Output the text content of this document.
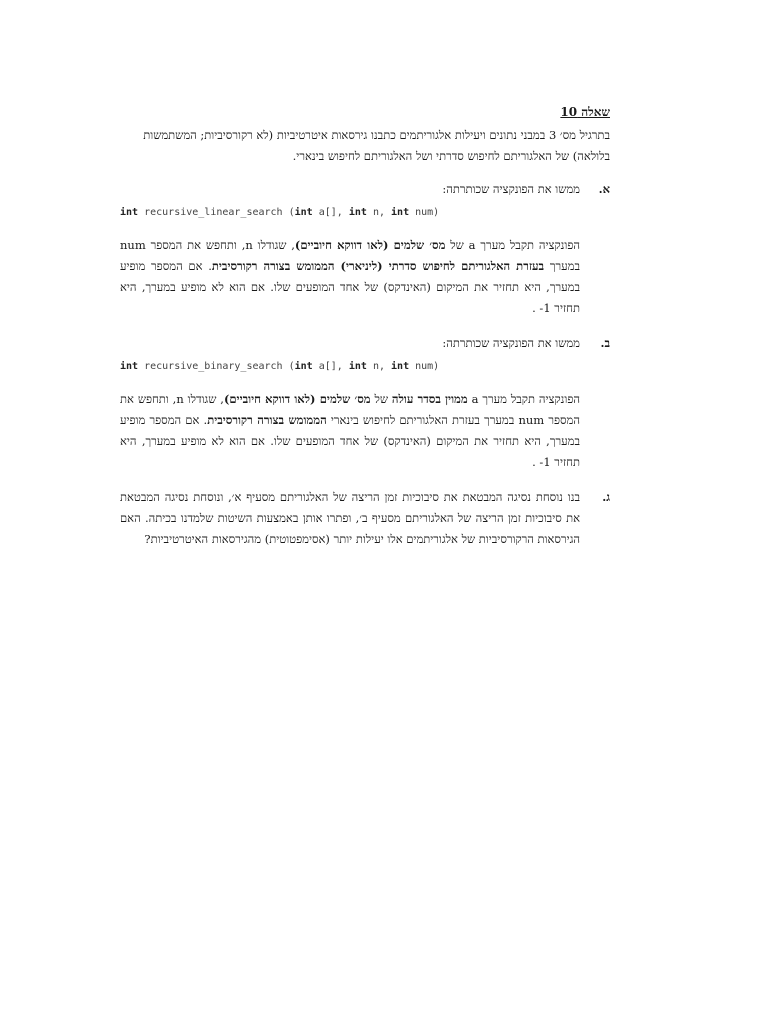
שאלה 10

בתרגיל מס׳ 3 במבני נתונים ויעילות אלגוריתמים כתבנו גירסאות איטרטיביות (לא רקורסיביות; המשתמשות בלולאה) של האלגוריתם לחיפוש סדרתי ושל האלגוריתם לחיפוש בינארי.

א.

ממשו את הפונקציה שכותרתה:

int recursive_linear_search (int a[], int n, int num)

הפונקציה תקבל מערך a של מס׳ שלמים (לאו דווקא חיוביים), שגודלו n, ותחפש את המספר num במערך בעזרת האלגוריתם לחיפוש סדרתי (ליניארי) הממומש בצורה רקורסיבית. אם המספר מופיע במערך, היא תחזיר את המיקום (האינדקס) של אחד המופעים שלו. אם הוא לא מופיע במערך, היא תחזיר 1- .

ב.

ממשו את הפונקציה שכותרתה:

int recursive_binary_search (int a[], int n, int num)

הפונקציה תקבל מערך a ממוין בסדר עולה של מס׳ שלמים (לאו דווקא חיוביים), שגודלו n, ותחפש את המספר num במערך בעזרת האלגוריתם לחיפוש בינארי הממומש בצורה רקורסיבית. אם המספר מופיע במערך, היא תחזיר את המיקום (האינדקס) של אחד המופעים שלו. אם הוא לא מופיע במערך, היא תחזיר 1- .

ג.

בנו נוסחת נסיגה המבטאת את סיבוכיות זמן הריצה של האלגוריתם מסעיף א׳, ונוסחת נסיגה המבטאת את סיבוכיות זמן הריצה של האלגוריתם מסעיף ב׳, ופתרו אותן באמצעות השיטות שלמדנו בכיתה. האם הגירסאות הרקורסיביות של אלגוריתמים אלו יעילות יותר (אסימפטוטית) מהגירסאות האיטרטיביות?
